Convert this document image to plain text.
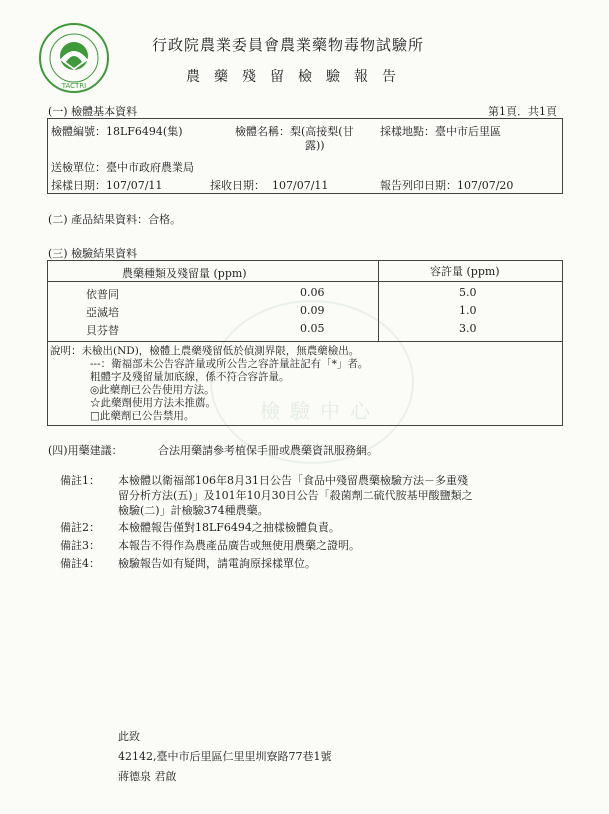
檢驗中心
TACTRI
行政院農業委員會農業藥物毒物試驗所
農藥殘留檢驗報告
(一) 檢體基本資料	第1頁．共1頁
檢體編號：18LF6494(集)	檢體名稱：梨(高接梨(甘
露))
採樣地點：臺中市后里區
送檢單位：臺中市政府農業局
採樣日期：107/07/11	採收日期： 107/07/11	報告列印日期：107/07/20
(二) 產品結果資料：合格。
(三) 檢驗結果資料
農藥種類及殘留量 (ppm)	容許量 (ppm)
依普同	0.06	5.0
亞滅培	0.09	1.0
貝芬替	0.05	3.0
說明：未檢出(ND)，檢體上農藥殘留低於偵測界限，無農藥檢出。
---：衛福部未公告容許量或所公告之容許量註記有「*」者。
粗體字及殘留量加底線，係不符合容許量。
◎此藥劑已公告使用方法。
☆此藥劑使用方法未推薦。
□此藥劑已公告禁用。
(四)用藥建議：	合法用藥請參考植保手冊或農藥資訊服務網。
備註1： 本檢體以衛福部106年8月31日公告「食品中殘留農藥檢驗方法－多重殘
留分析方法(五)」及101年10月30日公告「殺菌劑二硫代胺基甲酸鹽類之
檢驗(二)」計檢驗374種農藥。
備註2： 本檢體報告僅對18LF6494之抽樣檢體負責。
備註3： 本報告不得作為農產品廣告或無使用農藥之證明。
備註4： 檢驗報告如有疑問，請電詢原採樣單位。
此致
42142,臺中市后里區仁里里圳寮路77巷1號
蔣德泉 君啟
